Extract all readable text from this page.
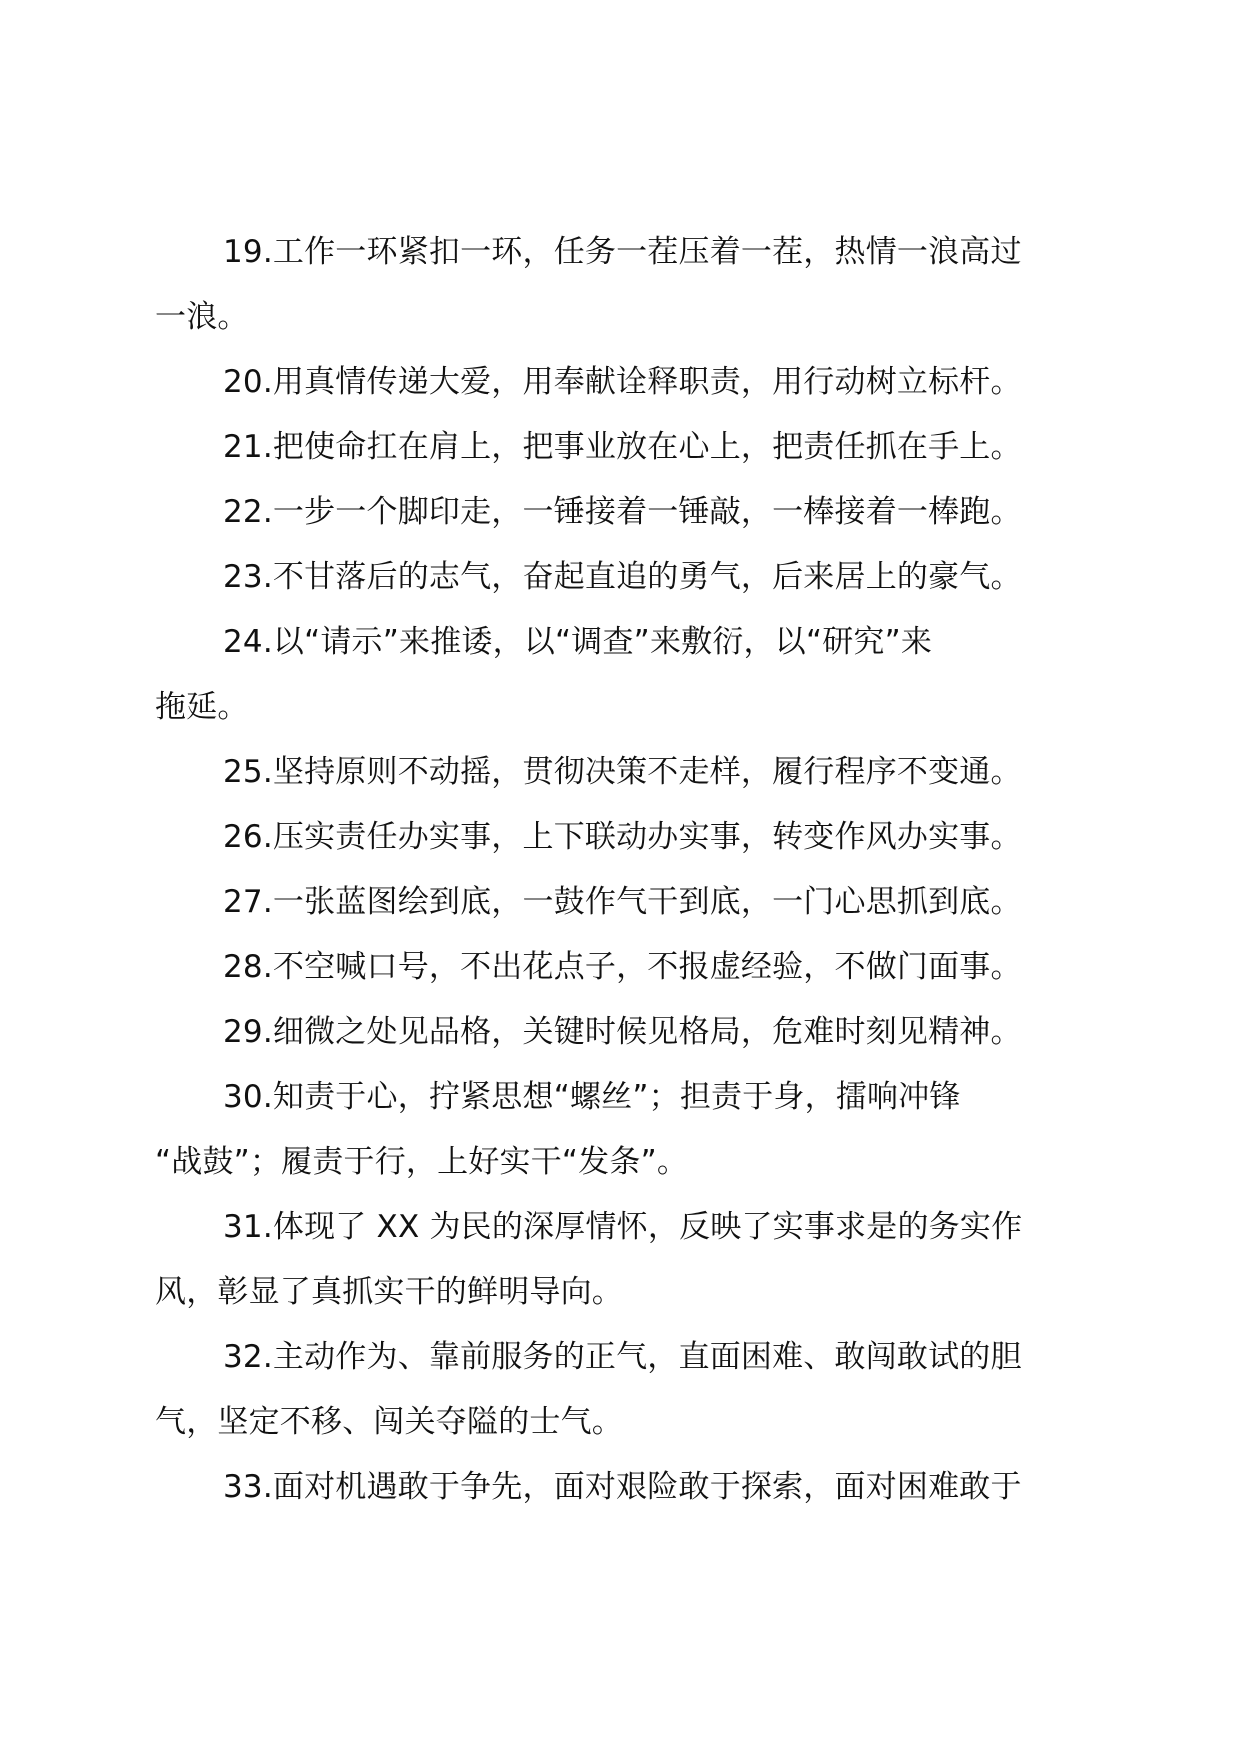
19.工作一环紧扣一环，任务一茬压着一茬，热情一浪高过
一浪。

20.用真情传递大爱，用奉献诠释职责，用行动树立标杆。

21.把使命扛在肩上，把事业放在心上，把责任抓在手上。

22.一步一个脚印走，一锤接着一锤敲，一棒接着一棒跑。

23.不甘落后的志气，奋起直追的勇气，后来居上的豪气。

24.以“请示”来推诿，以“调查”来敷衍，以“研究”来
拖延。

25.坚持原则不动摇，贯彻决策不走样，履行程序不变通。

26.压实责任办实事，上下联动办实事，转变作风办实事。

27.一张蓝图绘到底，一鼓作气干到底，一门心思抓到底。

28.不空喊口号，不出花点子，不报虚经验，不做门面事。

29.细微之处见品格，关键时候见格局，危难时刻见精神。

30.知责于心，拧紧思想“螺丝”；担责于身，擂响冲锋
“战鼓”；履责于行，上好实干“发条”。

31.体现了 XX 为民的深厚情怀，反映了实事求是的务实作
风，彰显了真抓实干的鲜明导向。

32.主动作为、靠前服务的正气，直面困难、敢闯敢试的胆
气，坚定不移、闯关夺隘的士气。

33.面对机遇敢于争先，面对艰险敢于探索，面对困难敢于
